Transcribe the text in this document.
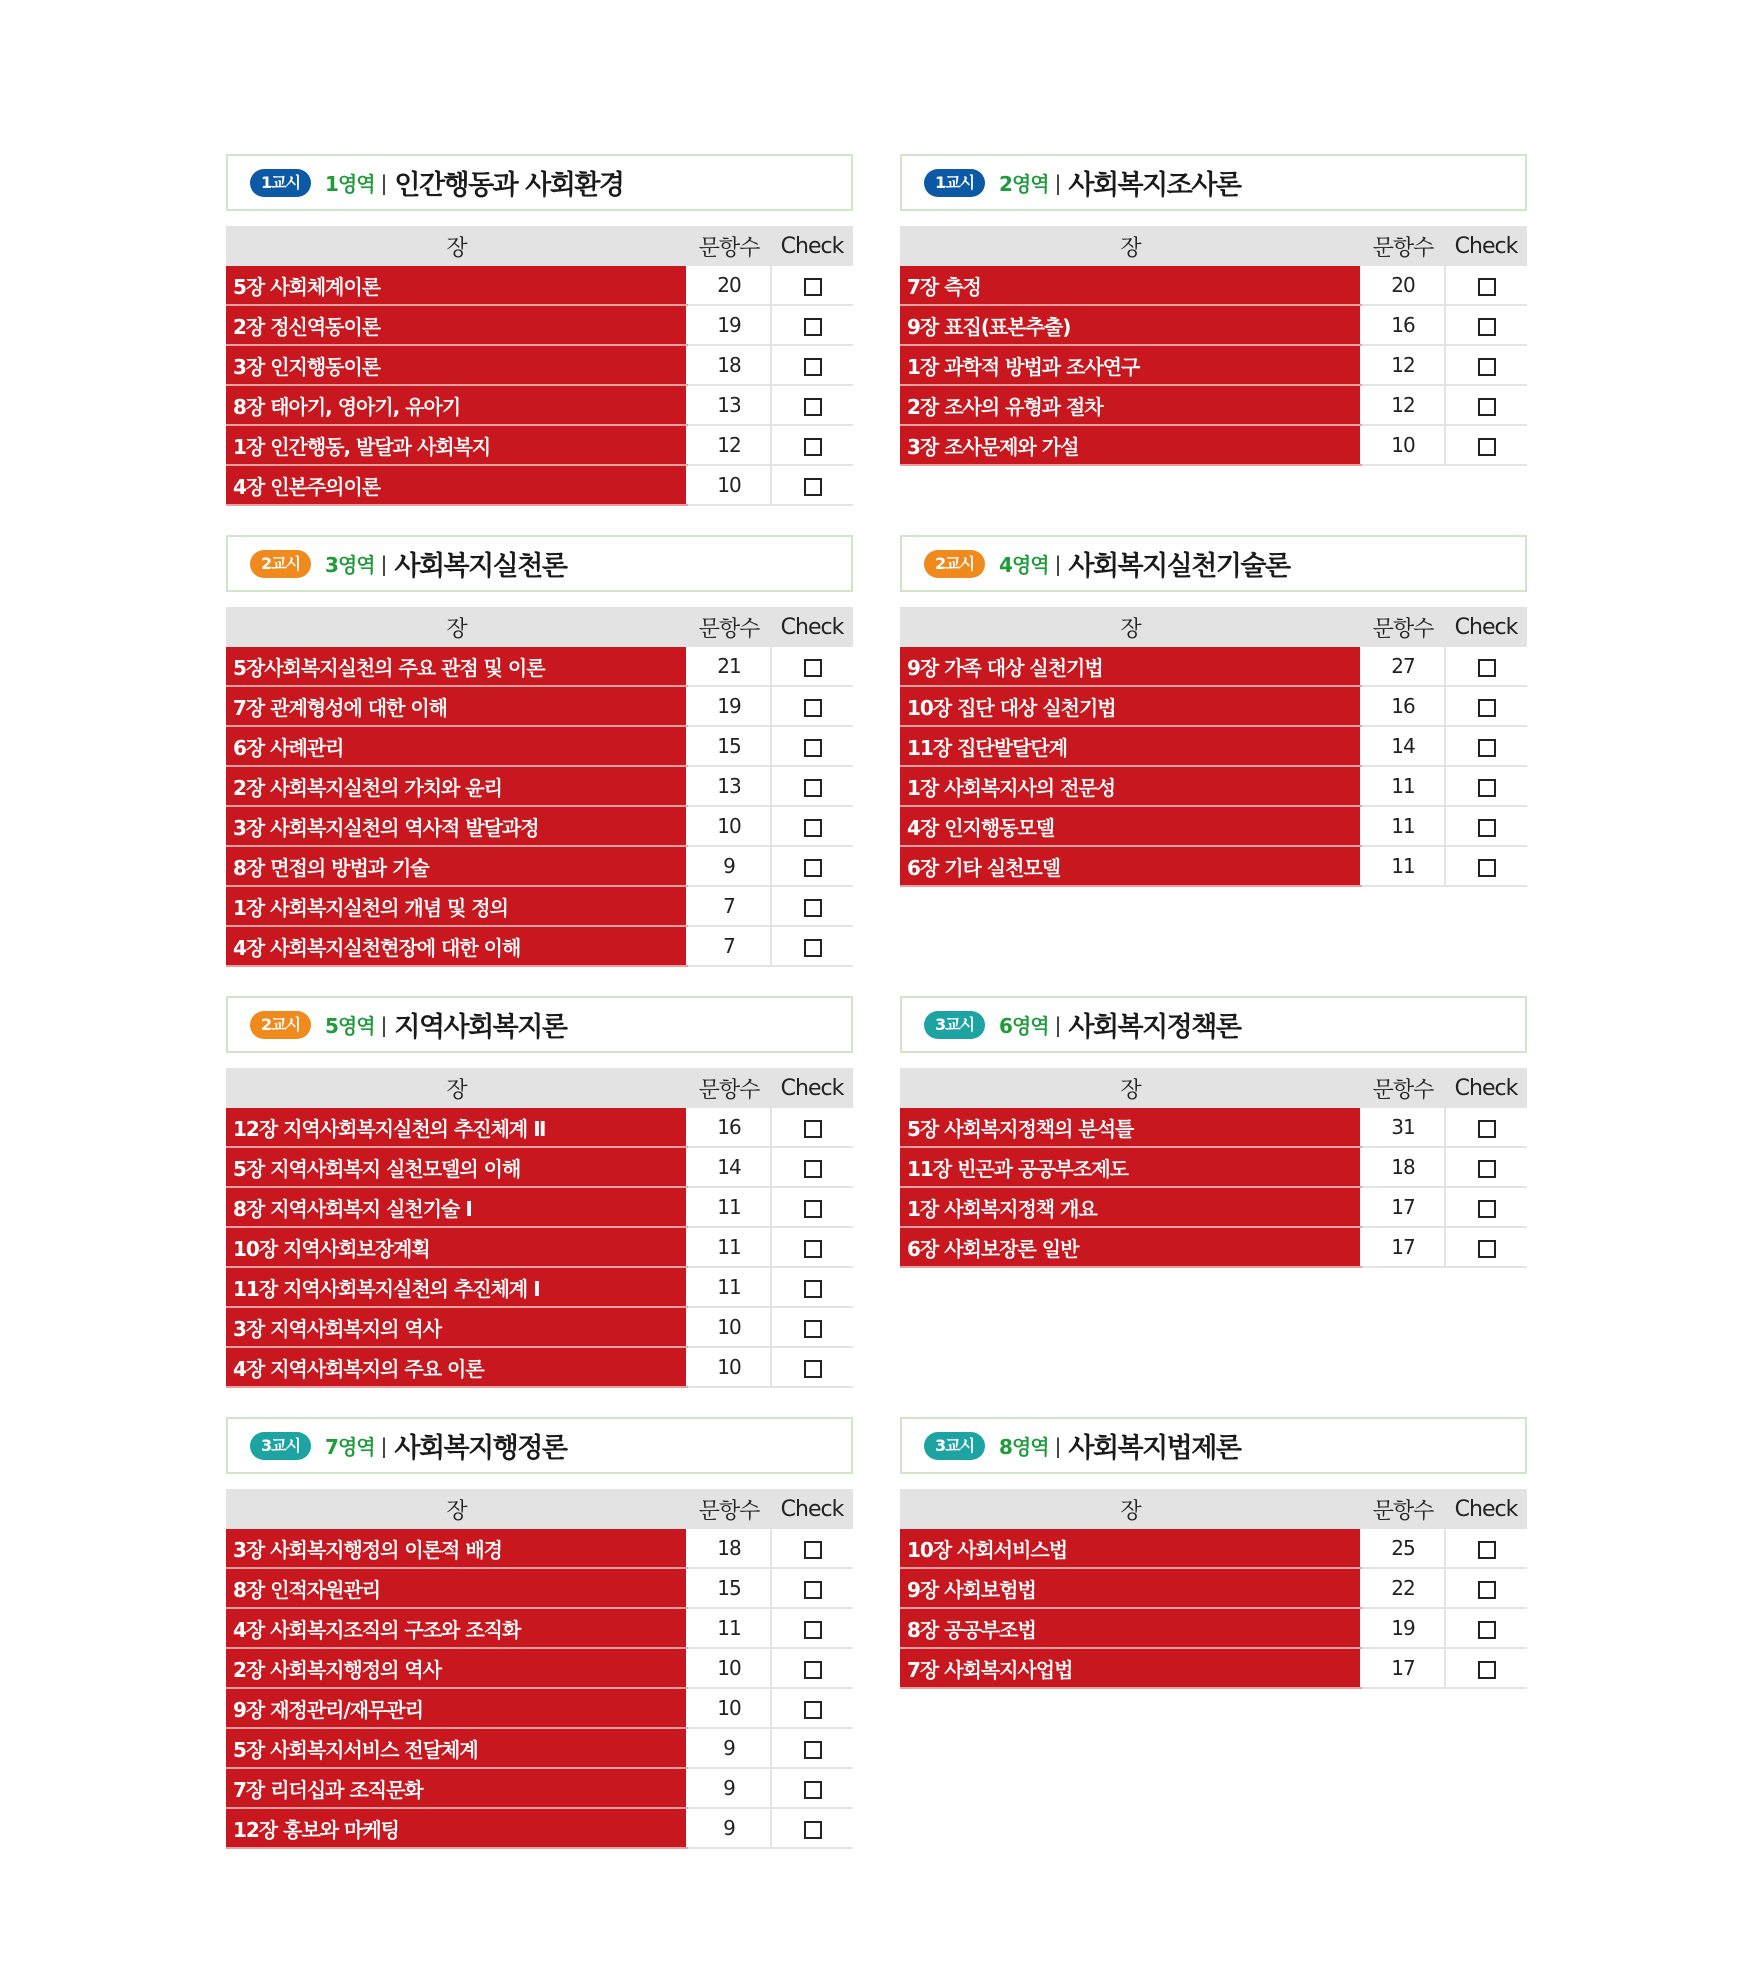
1교시	1영역 | 인간행동과 사회환경
장	문항수	Check
5장 사회체계이론	20	
2장 정신역동이론	19	
3장 인지행동이론	18	
8장 태아기, 영아기, 유아기	13	
1장 인간행동, 발달과 사회복지	12	
4장 인본주의이론	10	
1교시	2영역 | 사회복지조사론
장	문항수	Check
7장 측정	20	
9장 표집(표본추출)	16	
1장 과학적 방법과 조사연구	12	
2장 조사의 유형과 절차	12	
3장 조사문제와 가설	10	
2교시	3영역 | 사회복지실천론
장	문항수	Check
5장사회복지실천의 주요 관점 및 이론	21	
7장 관계형성에 대한 이해	19	
6장 사례관리	15	
2장 사회복지실천의 가치와 윤리	13	
3장 사회복지실천의 역사적 발달과정	10	
8장 면접의 방법과 기술	9	
1장 사회복지실천의 개념 및 정의	7	
4장 사회복지실천현장에 대한 이해	7	
2교시	4영역 | 사회복지실천기술론
장	문항수	Check
9장 가족 대상 실천기법	27	
10장 집단 대상 실천기법	16	
11장 집단발달단계	14	
1장 사회복지사의 전문성	11	
4장 인지행동모델	11	
6장 기타 실천모델	11	
2교시	5영역 | 지역사회복지론
장	문항수	Check
12장 지역사회복지실천의 추진체계 Ⅱ	16	
5장 지역사회복지 실천모델의 이해	14	
8장 지역사회복지 실천기술 Ⅰ	11	
10장 지역사회보장계획	11	
11장 지역사회복지실천의 추진체계 Ⅰ	11	
3장 지역사회복지의 역사	10	
4장 지역사회복지의 주요 이론	10	
3교시	6영역 | 사회복지정책론
장	문항수	Check
5장 사회복지정책의 분석틀	31	
11장 빈곤과 공공부조제도	18	
1장 사회복지정책 개요	17	
6장 사회보장론 일반	17	
3교시	7영역 | 사회복지행정론
장	문항수	Check
3장 사회복지행정의 이론적 배경	18	
8장 인적자원관리	15	
4장 사회복지조직의 구조와 조직화	11	
2장 사회복지행정의 역사	10	
9장 재정관리/재무관리	10	
5장 사회복지서비스 전달체계	9	
7장 리더십과 조직문화	9	
12장 홍보와 마케팅	9	
3교시	8영역 | 사회복지법제론
장	문항수	Check
10장 사회서비스법	25	
9장 사회보험법	22	
8장 공공부조법	19	
7장 사회복지사업법	17	
